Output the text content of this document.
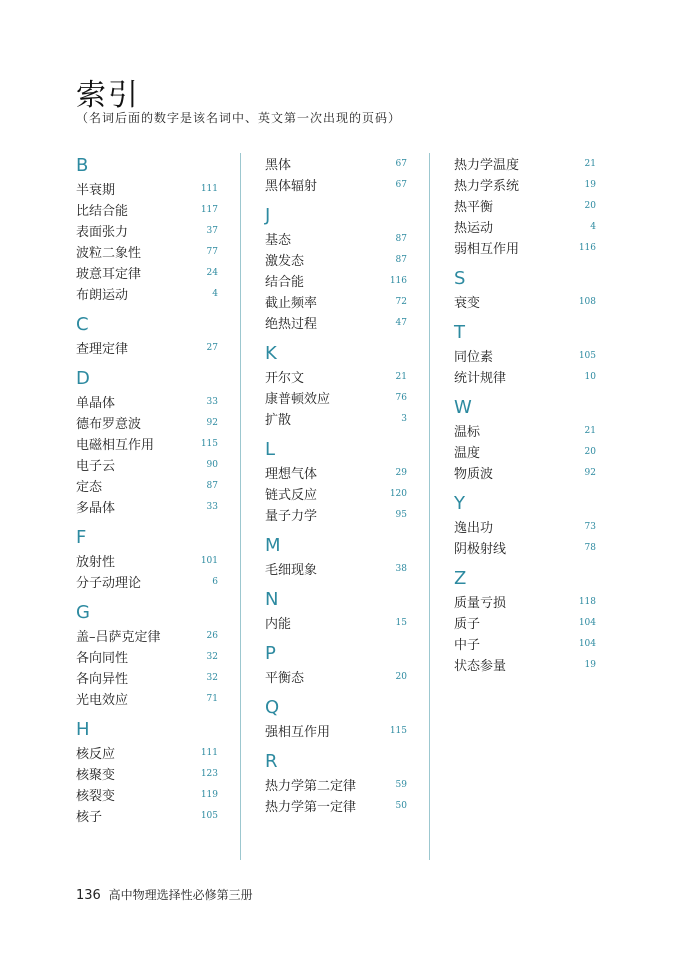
索引
（名词后面的数字是该名词中、英文第一次出现的页码）
B
半衰期	111
比结合能	117
表面张力	37
波粒二象性	77
玻意耳定律	24
布朗运动	4
C
查理定律	27
D
单晶体	33
德布罗意波	92
电磁相互作用	115
电子云	90
定态	87
多晶体	33
F
放射性	101
分子动理论	6
G
盖–吕萨克定律	26
各向同性	32
各向异性	32
光电效应	71
H
核反应	111
核聚变	123
核裂变	119
核子	105
黑体	67
黑体辐射	67
J
基态	87
激发态	87
结合能	116
截止频率	72
绝热过程	47
K
开尔文	21
康普顿效应	76
扩散	3
L
理想气体	29
链式反应	120
量子力学	95
M
毛细现象	38
N
内能	15
P
平衡态	20
Q
强相互作用	115
R
热力学第二定律	59
热力学第一定律	50
热力学温度	21
热力学系统	19
热平衡	20
热运动	4
弱相互作用	116
S
衰变	108
T
同位素	105
统计规律	10
W
温标	21
温度	20
物质波	92
Y
逸出功	73
阴极射线	78
Z
质量亏损	118
质子	104
中子	104
状态参量	19
136 高中物理选择性必修第三册
